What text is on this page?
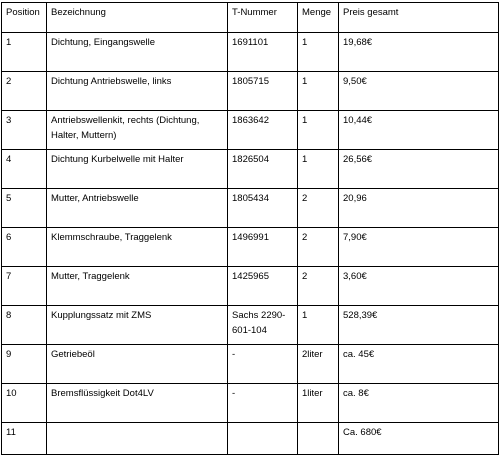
Position	Bezeichnung	T-Nummer	Menge	Preis gesamt
1	Dichtung, Eingangswelle	1691101	1	19,68€
2	Dichtung Antriebswelle, links	1805715	1	9,50€
3	Antriebswellenkit, rechts (Dichtung, Halter, Muttern)	1863642	1	10,44€
4	Dichtung Kurbelwelle mit Halter	1826504	1	26,56€
5	Mutter, Antriebswelle	1805434	2	20,96
6	Klemmschraube, Traggelenk	1496991	2	7,90€
7	Mutter, Traggelenk	1425965	2	3,60€
8	Kupplungssatz mit ZMS	Sachs 2290-601-104	1	528,39€
9	Getriebeöl	-	2liter	ca. 45€
10	Bremsflüssigkeit Dot4LV	-	1liter	ca. 8€
11				Ca. 680€
